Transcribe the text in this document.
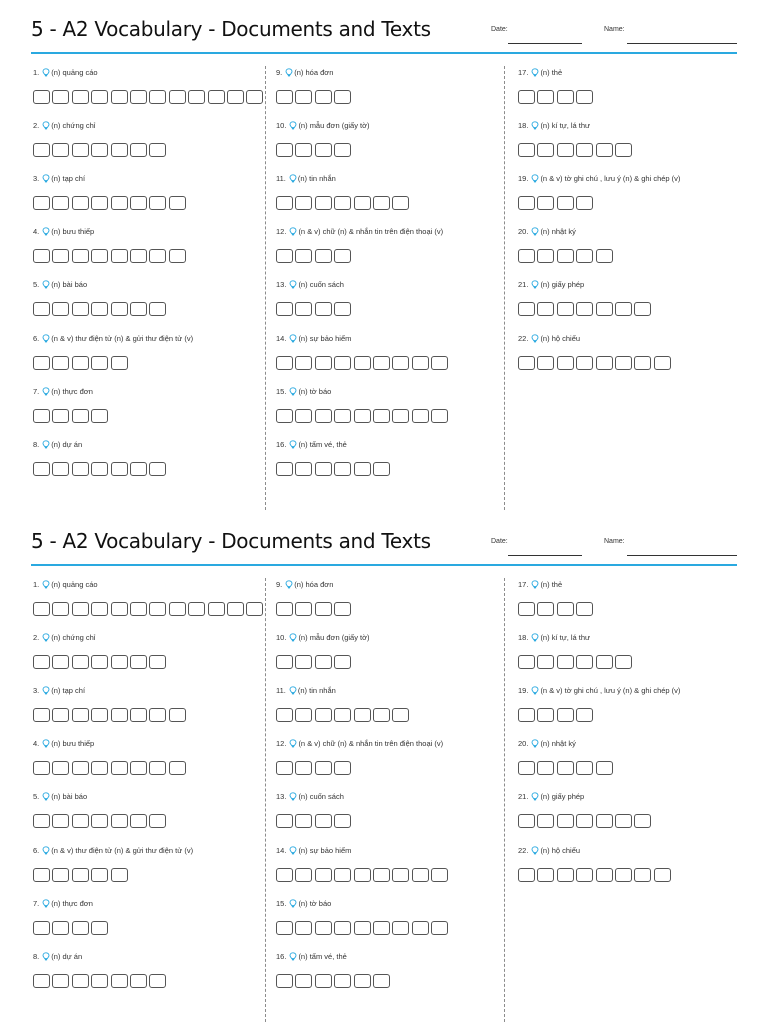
5 - A2 Vocabulary - Documents and Texts	Date:	Name:
1. (n) quảng cáo
2. (n) chứng chỉ
3. (n) tạp chí
4. (n) bưu thiếp
5. (n) bài báo
6. (n & v) thư điện tử (n) & gửi thư điện tử (v)
7. (n) thực đơn
8. (n) dự án
9. (n) hóa đơn
10. (n) mẫu đơn (giấy tờ)
11. (n) tin nhắn
12. (n & v) chữ (n) & nhắn tin trên điện thoại (v)
13. (n) cuốn sách
14. (n) sự bảo hiểm
15. (n) tờ báo
16. (n) tấm vé, thẻ
17. (n) thẻ
18. (n) kí tự, lá thư
19. (n & v) tờ ghi chú , lưu ý (n) & ghi chép (v)
20. (n) nhật ký
21. (n) giấy phép
22. (n) hộ chiếu
5 - A2 Vocabulary - Documents and Texts	Date:	Name:
1. (n) quảng cáo
2. (n) chứng chỉ
3. (n) tạp chí
4. (n) bưu thiếp
5. (n) bài báo
6. (n & v) thư điện tử (n) & gửi thư điện tử (v)
7. (n) thực đơn
8. (n) dự án
9. (n) hóa đơn
10. (n) mẫu đơn (giấy tờ)
11. (n) tin nhắn
12. (n & v) chữ (n) & nhắn tin trên điện thoại (v)
13. (n) cuốn sách
14. (n) sự bảo hiểm
15. (n) tờ báo
16. (n) tấm vé, thẻ
17. (n) thẻ
18. (n) kí tự, lá thư
19. (n & v) tờ ghi chú , lưu ý (n) & ghi chép (v)
20. (n) nhật ký
21. (n) giấy phép
22. (n) hộ chiếu
